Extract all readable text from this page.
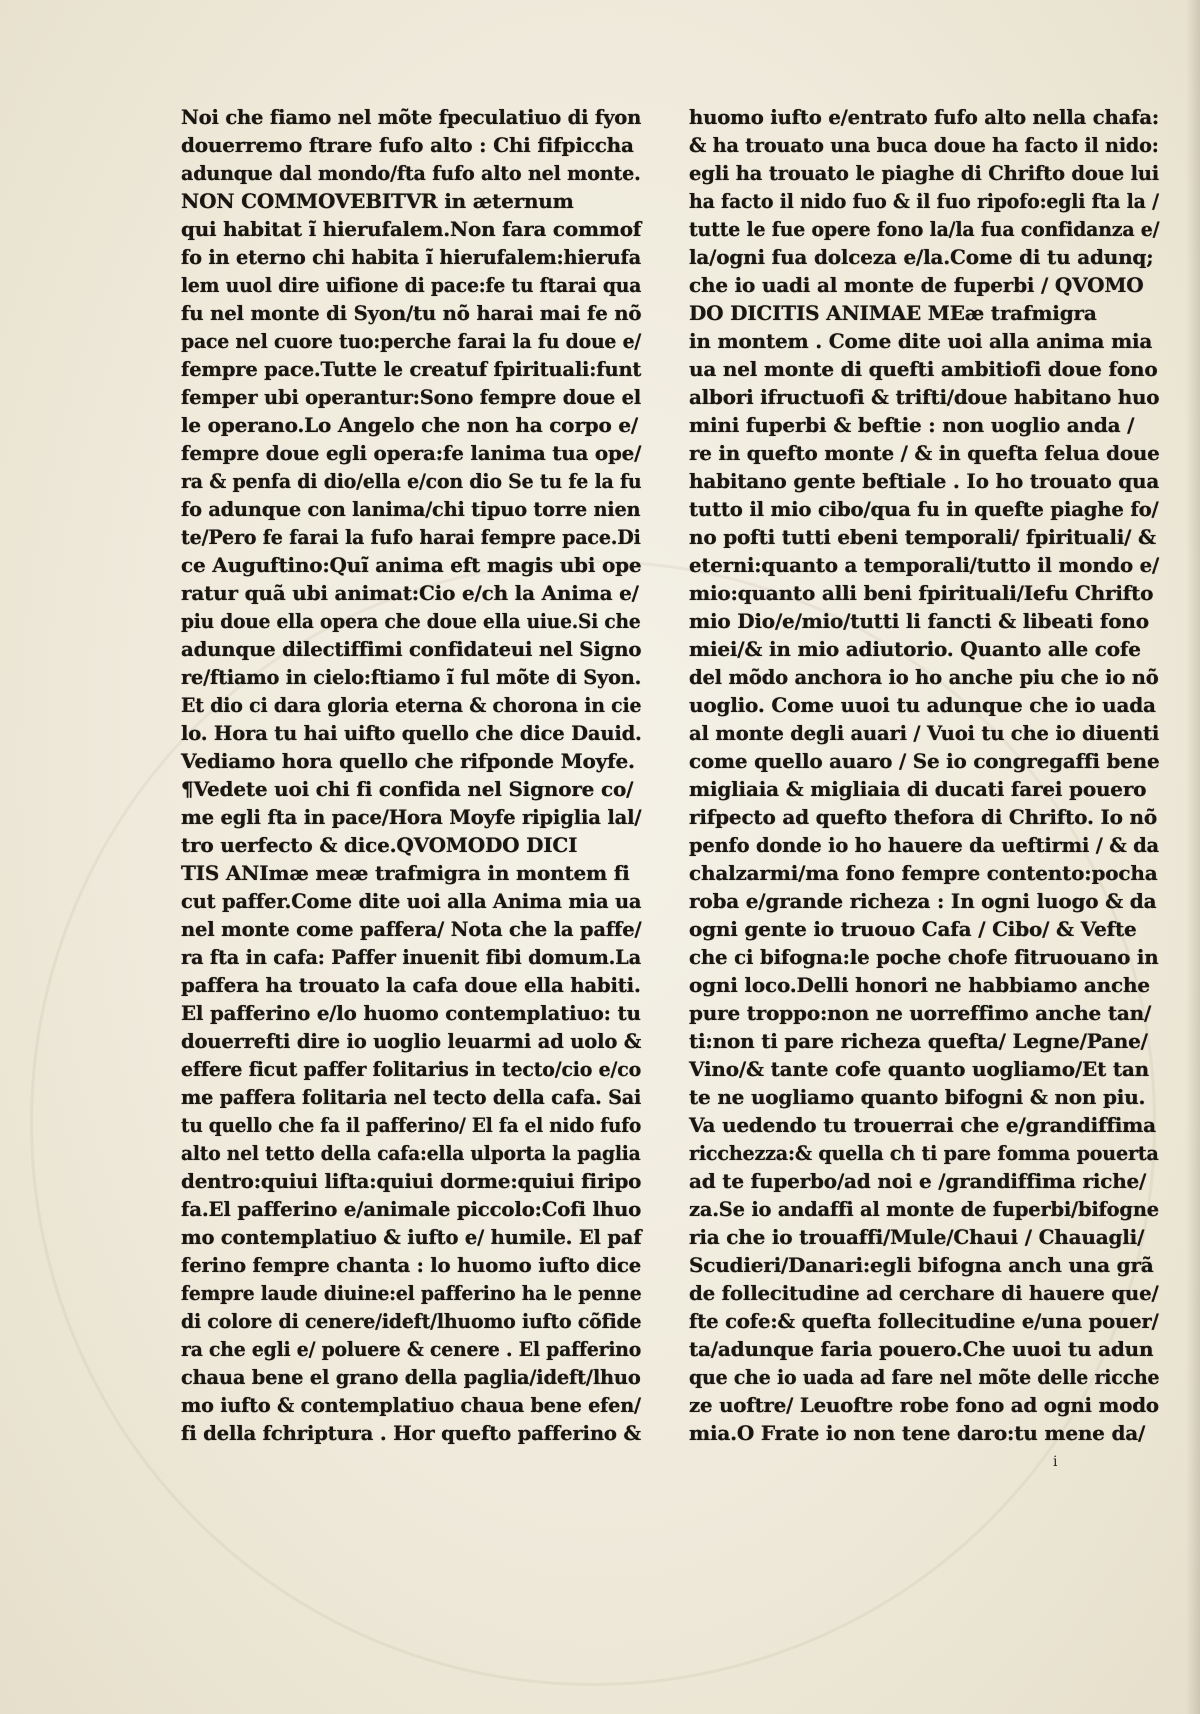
Noi che fiamo nel mõte fpeculatiuo di fyon
douerremo ftrare fufo alto : Chi fifpiccha
adunque dal mondo/fta fufo alto nel monte.
NON COMMOVEBITVR in æternum
qui habitat ĩ hierufalem.Non fara commof
fo in eterno chi habita ĩ hierufalem:hierufa
lem uuol dire uifione di pace:fe tu ftarai qua
fu nel monte di Syon/tu nõ harai mai fe nõ
pace nel cuore tuo:perche farai la fu doue e/
fempre pace.Tutte le creatuf fpirituali:funt
femper ubi operantur:Sono fempre doue el
le operano.Lo Angelo che non ha corpo e/
fempre doue egli opera:fe lanima tua ope/
ra & penfa di dio/ella e/con dio Se tu fe la fu
fo adunque con lanima/chi tipuo torre nien
te/Pero fe farai la fufo harai fempre pace.Di
ce Auguftino:Quĩ anima eft magis ubi ope
ratur quã ubi animat:Cio e/ch la Anima e/
piu doue ella opera che doue ella uiue.Si che
adunque dilectiffimi confidateui nel Signo
re/ftiamo in cielo:ftiamo ĩ ful mõte di Syon.
Et dio ci dara gloria eterna & chorona in cie
lo. Hora tu hai uifto quello che dice Dauid.
Vediamo hora quello che rifponde Moyfe.
¶Vedete uoi chi fi confida nel Signore co/
me egli fta in pace/Hora Moyfe ripiglia lal/
tro uerfecto & dice.QVOMODO DICI
TIS ANImæ meæ trafmigra in montem fi
cut paffer.Come dite uoi alla Anima mia ua
nel monte come paffera/ Nota che la paffe/
ra fta in cafa: Paffer inuenit fibi domum.La
paffera ha trouato la cafa doue ella habiti.
El pafferino e/lo huomo contemplatiuo: tu
douerrefti dire io uoglio leuarmi ad uolo &
effere ficut paffer folitarius in tecto/cio e/co
me paffera folitaria nel tecto della cafa. Sai
tu quello che fa il pafferino/ El fa el nido fufo
alto nel tetto della cafa:ella ulporta la paglia
dentro:quiui lifta:quiui dorme:quiui firipo
fa.El pafferino e/animale piccolo:Cofi lhuo
mo contemplatiuo & iufto e/ humile. El paf
ferino fempre chanta : lo huomo iufto dice
fempre laude diuine:el pafferino ha le penne
di colore di cenere/ideft/lhuomo iufto cõfide
ra che egli e/ poluere & cenere . El pafferino
chaua bene el grano della paglia/ideft/lhuo
mo iufto & contemplatiuo chaua bene efen/
fi della fchriptura . Hor quefto pafferino &
huomo iufto e/entrato fufo alto nella chafa:
& ha trouato una buca doue ha facto il nido:
egli ha trouato le piaghe di Chrifto doue lui
ha facto il nido fuo & il fuo ripofo:egli fta la /
tutte le fue opere fono la/la fua confidanza e/
la/ogni fua dolceza e/la.Come di tu adunq;
che io uadi al monte de fuperbi / QVOMO
DO DICITIS ANIMAE MEæ trafmigra
in montem . Come dite uoi alla anima mia
ua nel monte di quefti ambitiofi doue fono
albori ifructuofi & trifti/doue habitano huo
mini fuperbi & beftie : non uoglio anda /
re in quefto monte / & in quefta felua doue
habitano gente beftiale . Io ho trouato qua
tutto il mio cibo/qua fu in quefte piaghe fo/
no pofti tutti ebeni temporali/ fpirituali/ &
eterni:quanto a temporali/tutto il mondo e/
mio:quanto alli beni fpirituali/Iefu Chrifto
mio Dio/e/mio/tutti li fancti & libeati fono
miei/& in mio adiutorio. Quanto alle cofe
del mõdo anchora io ho anche piu che io nõ
uoglio. Come uuoi tu adunque che io uada
al monte degli auari / Vuoi tu che io diuenti
come quello auaro / Se io congregaffi bene
migliaia & migliaia di ducati farei pouero
rifpecto ad quefto thefora di Chrifto. Io nõ
penfo donde io ho hauere da ueftirmi / & da
chalzarmi/ma fono fempre contento:pocha
roba e/grande richeza : In ogni luogo & da
ogni gente io truouo Cafa / Cibo/ & Vefte
che ci bifogna:le poche chofe fitruouano in
ogni loco.Delli honori ne habbiamo anche
pure troppo:non ne uorreffimo anche tan/
ti:non ti pare richeza quefta/ Legne/Pane/
Vino/& tante cofe quanto uogliamo/Et tan
te ne uogliamo quanto bifogni & non piu.
Va uedendo tu trouerrai che e/grandiffima
ricchezza:& quella ch ti pare fomma pouerta
ad te fuperbo/ad noi e /grandiffima riche/
za.Se io andaffi al monte de fuperbi/bifogne
ria che io trouaffi/Mule/Chaui / Chauagli/
Scudieri/Danari:egli bifogna anch una grã
de follecitudine ad cerchare di hauere que/
fte cofe:& quefta follecitudine e/una pouer/
ta/adunque faria pouero.Che uuoi tu adun
que che io uada ad fare nel mõte delle ricche
ze uoftre/ Leuoftre robe fono ad ogni modo
mia.O Frate io non tene daro:tu mene da/
i
